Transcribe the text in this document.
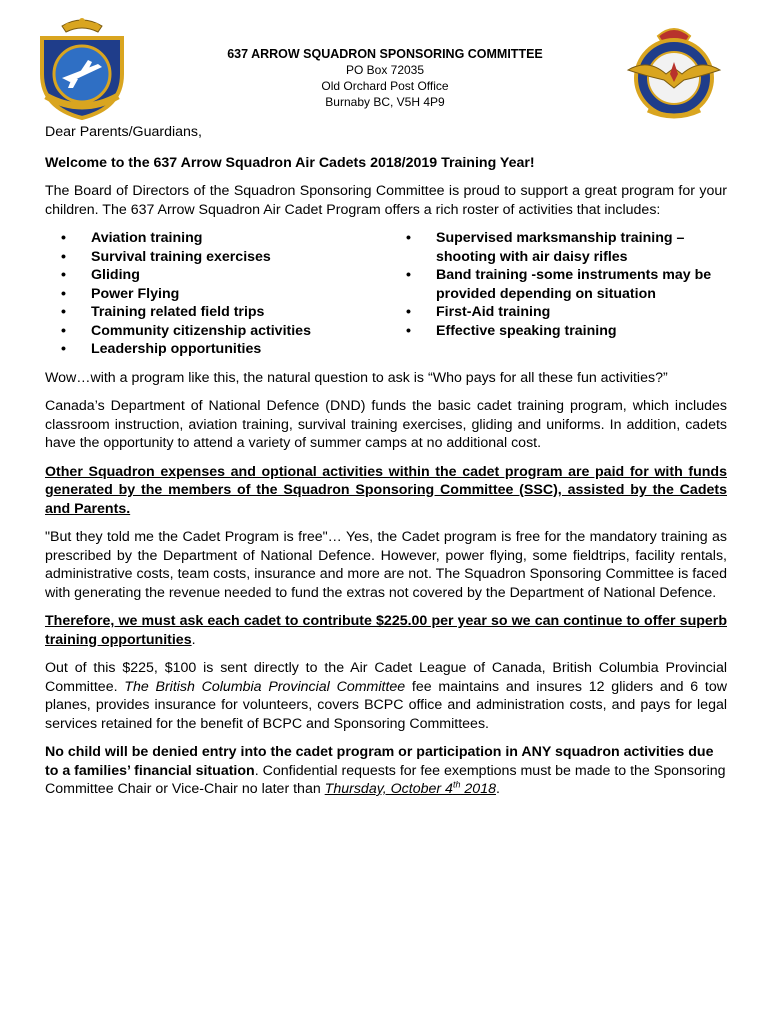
637 ARROW SQUADRON SPONSORING COMMITTEE
PO Box 72035
Old Orchard Post Office
Burnaby BC, V5H 4P9

Dear Parents/Guardians,

Welcome to the 637 Arrow Squadron Air Cadets 2018/2019 Training Year!

The Board of Directors of the Squadron Sponsoring Committee is proud to support a great program for your children. The 637 Arrow Squadron Air Cadet Program offers a rich roster of activities that includes:

• Aviation training
• Survival training exercises
• Gliding
• Power Flying
• Training related field trips
• Community citizenship activities
• Leadership opportunities
• Supervised marksmanship training – shooting with air daisy rifles
• Band training -some instruments may be provided depending on situation
• First-Aid training
• Effective speaking training

Wow…with a program like this, the natural question to ask is “Who pays for all these fun activities?”

Canada’s Department of National Defence (DND) funds the basic cadet training program, which includes classroom instruction, aviation training, survival training exercises, gliding and uniforms. In addition, cadets have the opportunity to attend a variety of summer camps at no additional cost.

Other Squadron expenses and optional activities within the cadet program are paid for with funds generated by the members of the Squadron Sponsoring Committee (SSC), assisted by the Cadets and Parents.

"But they told me the Cadet Program is free"… Yes, the Cadet program is free for the mandatory training as prescribed by the Department of National Defence. However, power flying, some fieldtrips, facility rentals, administrative costs, team costs, insurance and more are not. The Squadron Sponsoring Committee is faced with generating the revenue needed to fund the extras not covered by the Department of National Defence.

Therefore, we must ask each cadet to contribute $225.00 per year so we can continue to offer superb training opportunities.

Out of this $225, $100 is sent directly to the Air Cadet League of Canada, British Columbia Provincial Committee. The British Columbia Provincial Committee fee maintains and insures 12 gliders and 6 tow planes, provides insurance for volunteers, covers BCPC office and administration costs, and pays for legal services retained for the benefit of BCPC and Sponsoring Committees.

No child will be denied entry into the cadet program or participation in ANY squadron activities due to a families’ financial situation. Confidential requests for fee exemptions must be made to the Sponsoring Committee Chair or Vice-Chair no later than Thursday, October 4th 2018.
